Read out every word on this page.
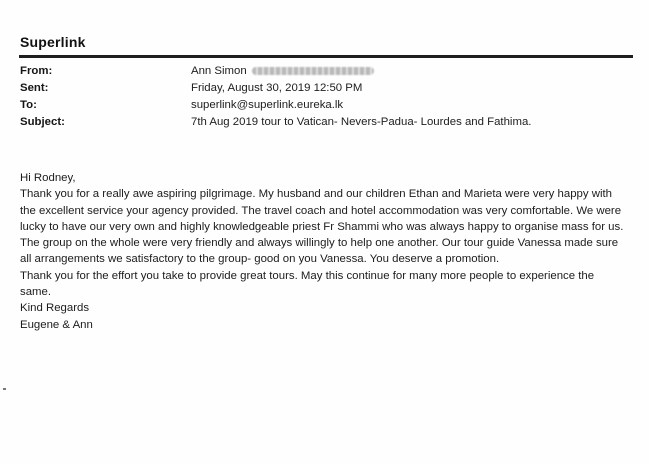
Superlink
From:	Ann Simon
Sent:	Friday, August 30, 2019 12:50 PM
To:	superlink@superlink.eureka.lk
Subject:	7th Aug 2019 tour to Vatican- Nevers-Padua- Lourdes and Fathima.
Hi Rodney,
Thank you for a really awe aspiring pilgrimage. My husband and our children Ethan and Marieta were very happy with
the excellent service your agency provided. The travel coach and hotel accommodation was very comfortable. We were
lucky to have our very own and highly knowledgeable priest Fr Shammi who was always happy to organise mass for us.
The group on the whole were very friendly and always willingly to help one another. Our tour guide Vanessa made sure
all arrangements we satisfactory to the group- good on you Vanessa. You deserve a promotion.
Thank you for the effort you take to provide great tours. May this continue for many more people to experience the
same.
Kind Regards
Eugene & Ann
